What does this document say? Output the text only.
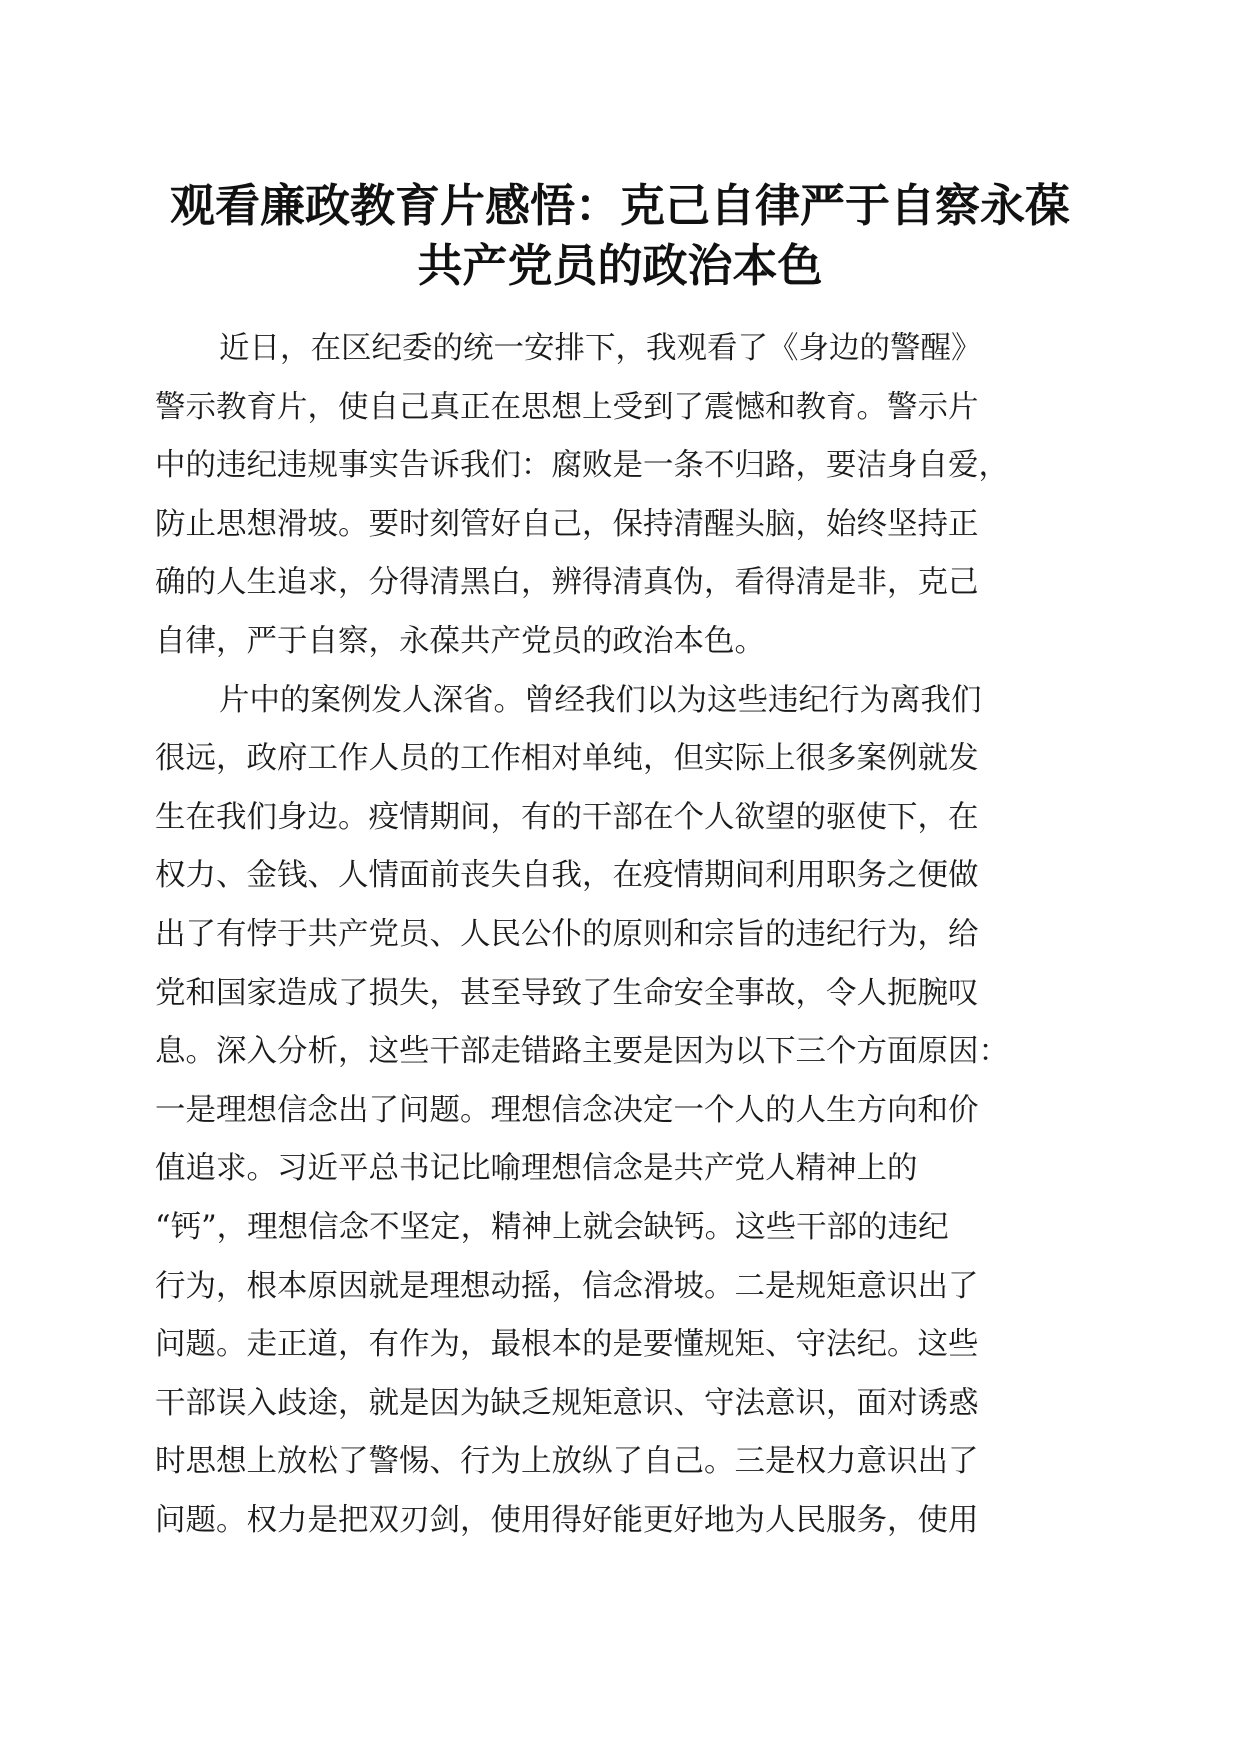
观看廉政教育片感悟：克己自律严于自察永葆
共产党员的政治本色
近日，在区纪委的统一安排下，我观看了《身边的警醒》
警示教育片，使自己真正在思想上受到了震憾和教育。警示片
中的违纪违规事实告诉我们：腐败是一条不归路，要洁身自爱，
防止思想滑坡。要时刻管好自己，保持清醒头脑，始终坚持正
确的人生追求，分得清黑白，辨得清真伪，看得清是非，克己
自律，严于自察，永葆共产党员的政治本色。
片中的案例发人深省。曾经我们以为这些违纪行为离我们
很远，政府工作人员的工作相对单纯，但实际上很多案例就发
生在我们身边。疫情期间，有的干部在个人欲望的驱使下，在
权力、金钱、人情面前丧失自我，在疫情期间利用职务之便做
出了有悖于共产党员、人民公仆的原则和宗旨的违纪行为，给
党和国家造成了损失，甚至导致了生命安全事故，令人扼腕叹
息。深入分析，这些干部走错路主要是因为以下三个方面原因：
一是理想信念出了问题。理想信念决定一个人的人生方向和价
值追求。习近平总书记比喻理想信念是共产党人精神上的
“钙”，理想信念不坚定，精神上就会缺钙。这些干部的违纪
行为，根本原因就是理想动摇，信念滑坡。二是规矩意识出了
问题。走正道，有作为，最根本的是要懂规矩、守法纪。这些
干部误入歧途，就是因为缺乏规矩意识、守法意识，面对诱惑
时思想上放松了警惕、行为上放纵了自己。三是权力意识出了
问题。权力是把双刃剑，使用得好能更好地为人民服务，使用
